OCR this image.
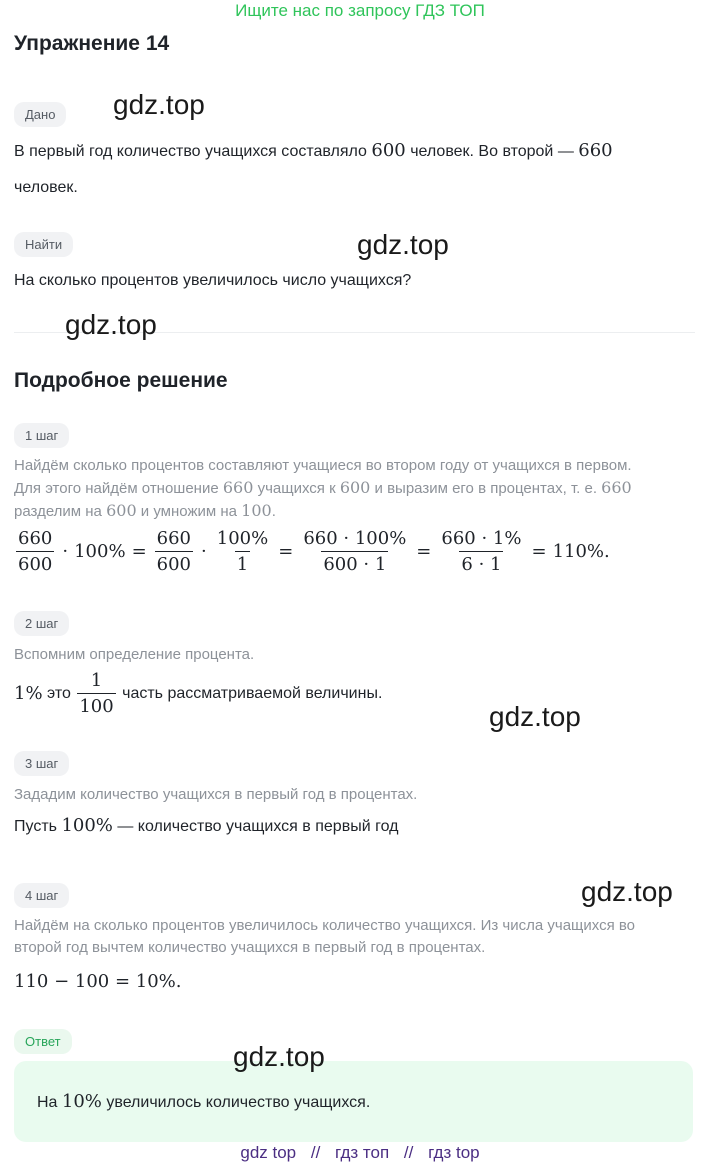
Ищите нас по запросу ГДЗ ТОП
Упражнение 14
Дано
В первый год количество учащихся составляло 600 человек. Во второй — 660
человек.
Найти
На сколько процентов увеличилось число учащихся?
Подробное решение
1 шаг
Найдём сколько процентов составляют учащиеся во втором году от учащихся в первом.
Для этого найдём отношение 660 учащихся к 600 и выразим его в процентах, т. е. 660
разделим на 600 и умножим на 100.
$\frac{660}{600} \cdot 100\% = \frac{660}{600} \cdot \frac{100\%}{1} = \frac{660 \cdot 100\%}{600 \cdot 1} = \frac{660 \cdot 1\%}{6 \cdot 1} = 110\%$.
2 шаг
Вспомним определение процента.
1% это $\frac{1}{100}$ часть рассматриваемой величины.
3 шаг
Зададим количество учащихся в первый год в процентах.
Пусть 100% — количество учащихся в первый год
4 шаг
Найдём на сколько процентов увеличилось количество учащихся. Из числа учащихся во
второй год вычтем количество учащихся в первый год в процентах.
110 − 100 = 10%.
Ответ
На 10% увеличилось количество учащихся.
gdz.top
gdz.top
gdz.top
gdz.top
gdz.top
gdz.top
gdz top // гдз топ // гдз top
